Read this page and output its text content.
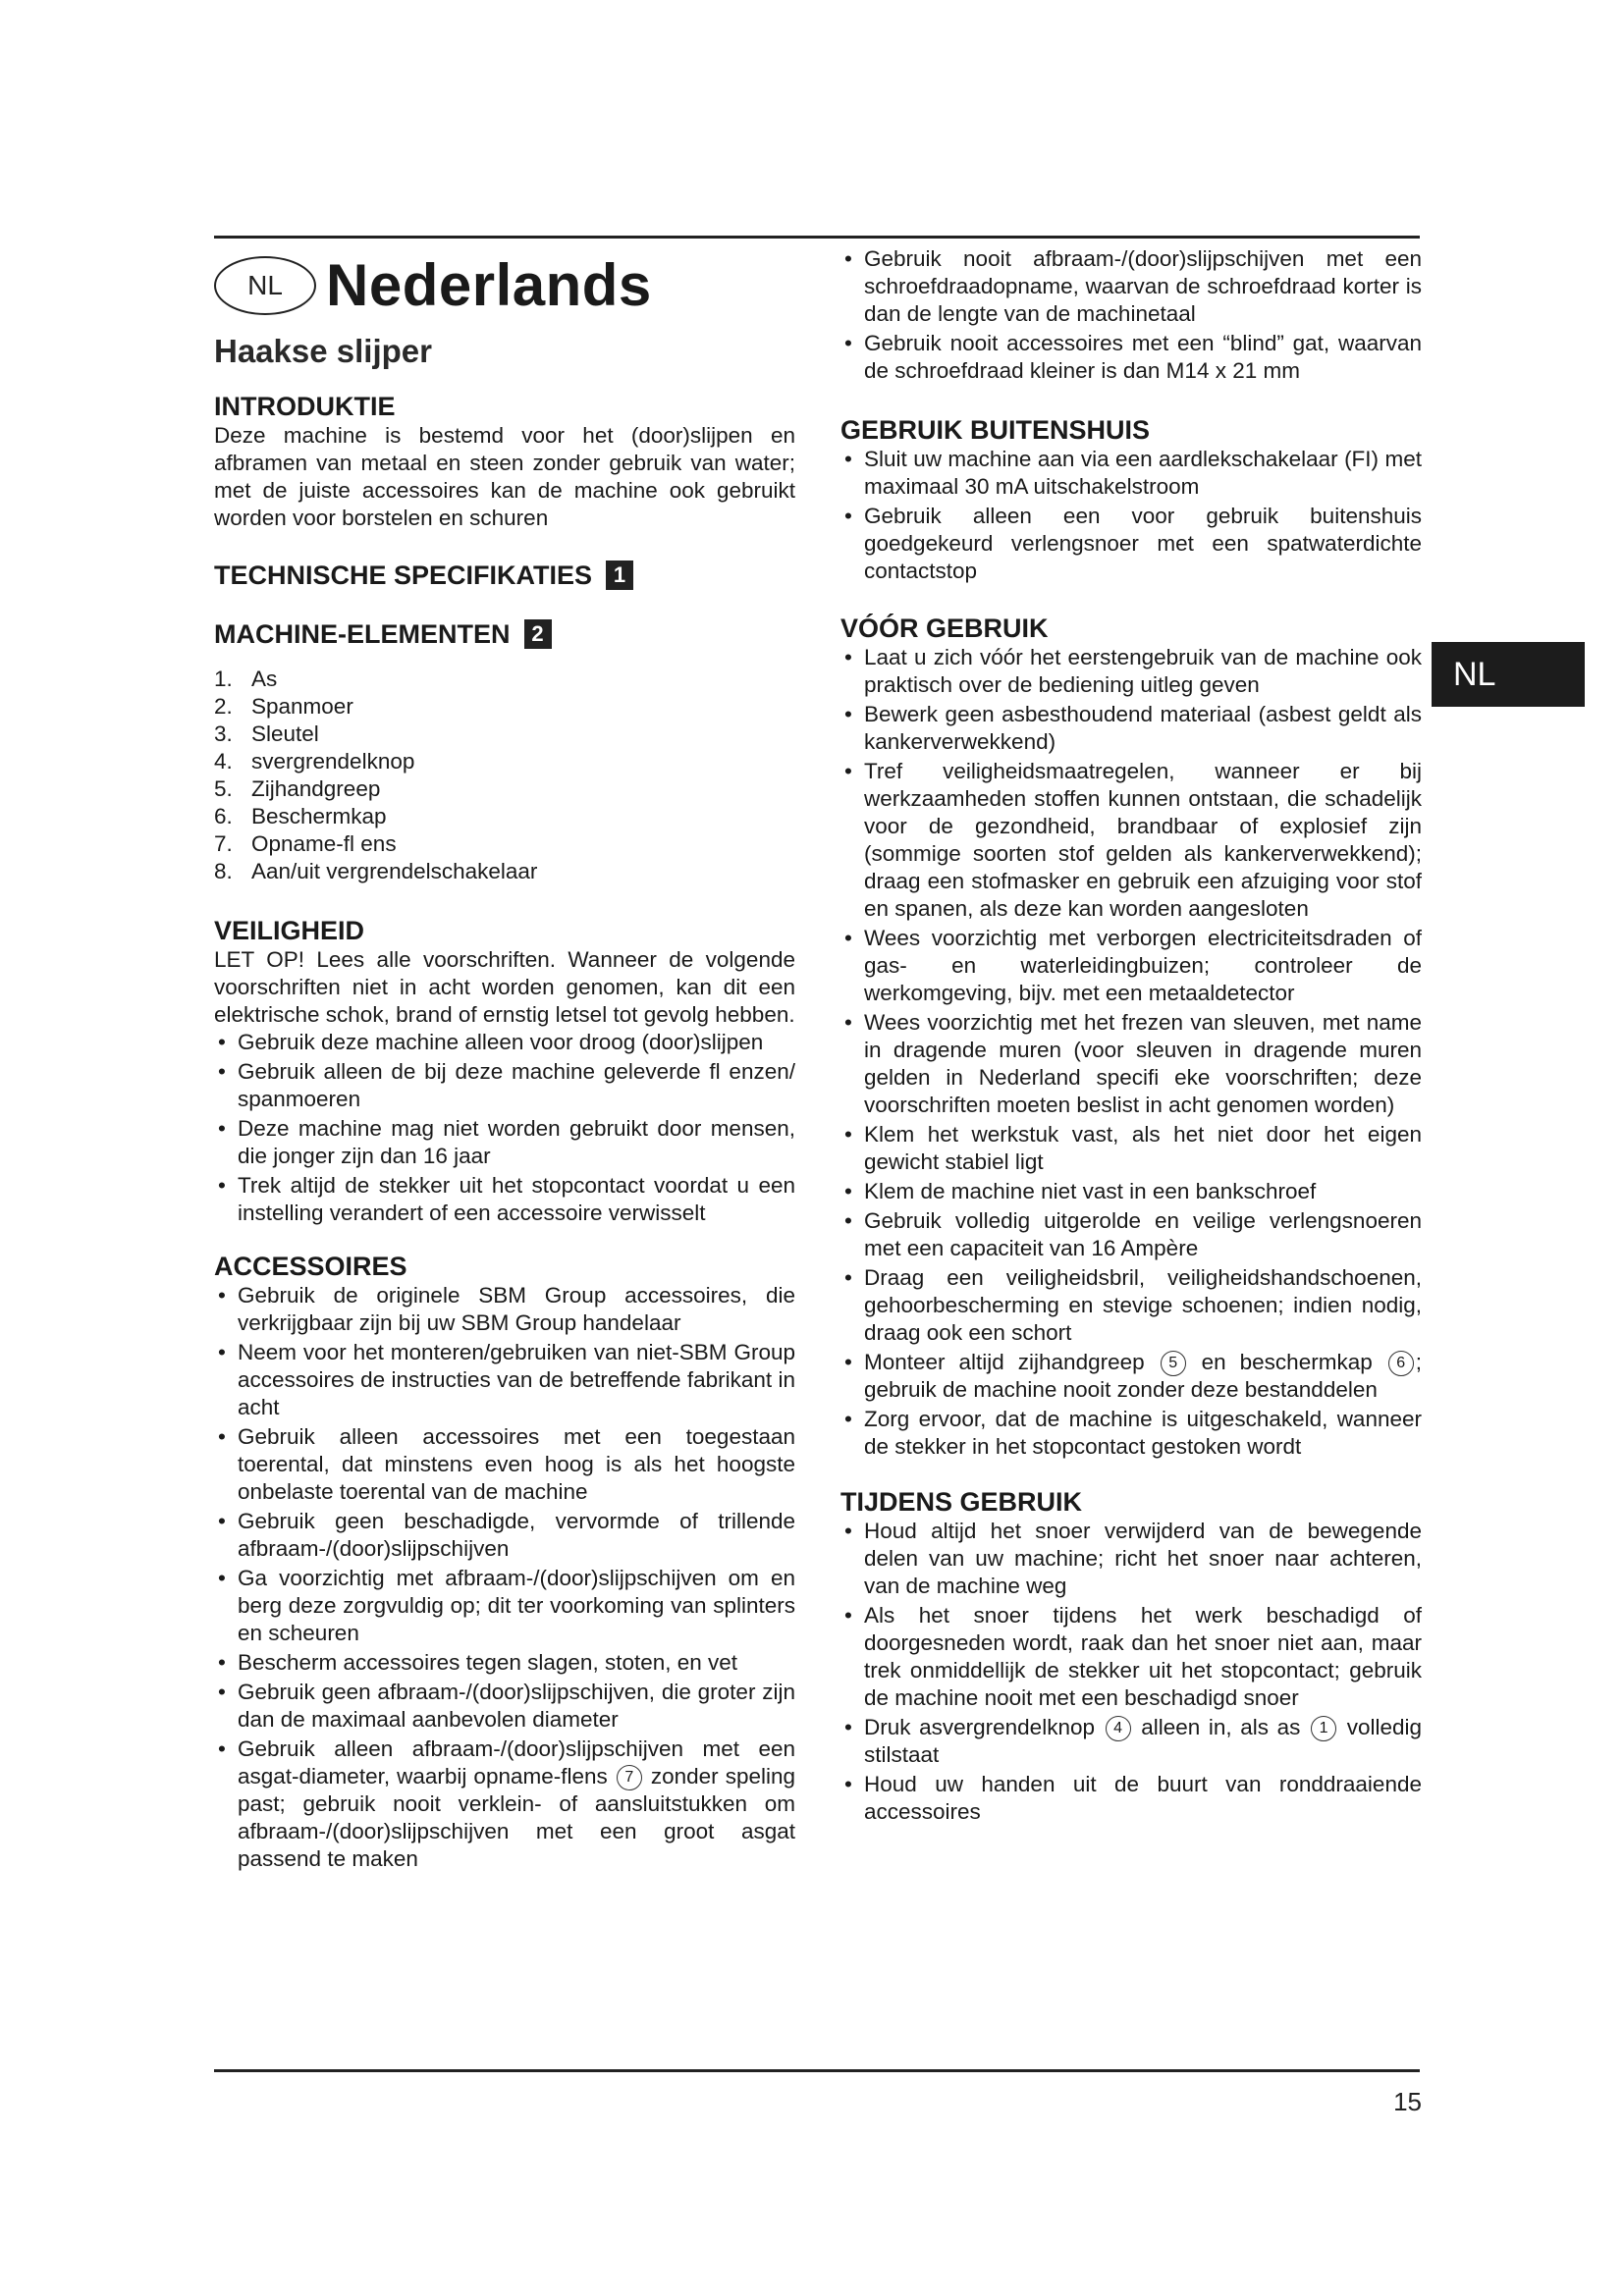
NL
15
NL Nederlands
Haakse slijper
INTRODUKTIE

Deze machine is bestemd voor het (door)slijpen en afbramen van metaal en steen zonder gebruik van water; met de juiste accessoires kan de machine ook gebruikt worden voor borstelen en schuren

TECHNISCHE SPECIFIKATIES 1
MACHINE-ELEMENTEN 2
1. As
2. Spanmoer
3. Sleutel
4. svergrendelknop
5. Zijhandgreep
6. Beschermkap
7. Opname-fl ens
8. Aan/uit vergrendelschakelaar
VEILIGHEID

LET OP! Lees alle voorschriften. Wanneer de volgende voorschriften niet in acht worden genomen, kan dit een elektrische schok, brand of ernstig letsel tot gevolg hebben.

• Gebruik deze machine alleen voor droog (door)slijpen
• Gebruik alleen de bij deze machine geleverde fl enzen/ spanmoeren
• Deze machine mag niet worden gebruikt door mensen, die jonger zijn dan 16 jaar
• Trek altijd de stekker uit het stopcontact voordat u een instelling verandert of een accessoire verwisselt
ACCESSOIRES
• Gebruik de originele SBM Group accessoires, die verkrijgbaar zijn bij uw SBM Group handelaar
• Neem voor het monteren/gebruiken van niet-SBM Group accessoires de instructies van de betreffende fabrikant in acht
• Gebruik alleen accessoires met een toegestaan toerental, dat minstens even hoog is als het hoogste onbelaste toerental van de machine
• Gebruik geen beschadigde, vervormde of trillende afbraam-/(door)slijpschijven
• Ga voorzichtig met afbraam-/(door)slijpschijven om en berg deze zorgvuldig op; dit ter voorkoming van splinters en scheuren
• Bescherm accessoires tegen slagen, stoten, en vet
• Gebruik geen afbraam-/(door)slijpschijven, die groter zijn dan de maximaal aanbevolen diameter
• Gebruik alleen afbraam-/(door)slijpschijven met een asgat-diameter, waarbij opname-flens 7 zonder speling past; gebruik nooit verklein- of aansluitstukken om afbraam-/(door)slijpschijven met een groot asgat passend te maken
• Gebruik nooit afbraam-/(door)slijpschijven met een schroefdraadopname, waarvan de schroefdraad korter is dan de lengte van de machinetaal
• Gebruik nooit accessoires met een “blind” gat, waarvan de schroefdraad kleiner is dan M14 x 21 mm
GEBRUIK BUITENSHUIS
• Sluit uw machine aan via een aardlekschakelaar (FI) met maximaal 30 mA uitschakelstroom
• Gebruik alleen een voor gebruik buitenshuis goedgekeurd verlengsnoer met een spatwaterdichte contactstop
VÓÓR GEBRUIK
• Laat u zich vóór het eerstengebruik van de machine ook praktisch over de bediening uitleg geven
• Bewerk geen asbesthoudend materiaal (asbest geldt als kankerverwekkend)
• Tref veiligheidsmaatregelen, wanneer er bij werkzaamheden stoffen kunnen ontstaan, die schadelijk voor de gezondheid, brandbaar of explosief zijn (sommige soorten stof gelden als kankerverwekkend); draag een stofmasker en gebruik een afzuiging voor stof en spanen, als deze kan worden aangesloten
• Wees voorzichtig met verborgen electriciteitsdraden of gas- en waterleidingbuizen; controleer de werkomgeving, bijv. met een metaaldetector
• Wees voorzichtig met het frezen van sleuven, met name in dragende muren (voor sleuven in dragende muren gelden in Nederland specifi eke voorschriften; deze voorschriften moeten beslist in acht genomen worden)
• Klem het werkstuk vast, als het niet door het eigen gewicht stabiel ligt
• Klem de machine niet vast in een bankschroef
• Gebruik volledig uitgerolde en veilige verlengsnoeren met een capaciteit van 16 Ampère
• Draag een veiligheidsbril, veiligheidshandschoenen, gehoorbescherming en stevige schoenen; indien nodig, draag ook een schort
• Monteer altijd zijhandgreep 5 en beschermkap 6 ; gebruik de machine nooit zonder deze bestanddelen
• Zorg ervoor, dat de machine is uitgeschakeld, wanneer de stekker in het stopcontact gestoken wordt
TIJDENS GEBRUIK
• Houd altijd het snoer verwijderd van de bewegende delen van uw machine; richt het snoer naar achteren, van de machine weg
• Als het snoer tijdens het werk beschadigd of doorgesneden wordt, raak dan het snoer niet aan, maar trek onmiddellijk de stekker uit het stopcontact; gebruik de machine nooit met een beschadigd snoer
• Druk asvergrendelknop 4 alleen in, als as 1 volledig stilstaat
• Houd uw handen uit de buurt van ronddraaiende accessoires
